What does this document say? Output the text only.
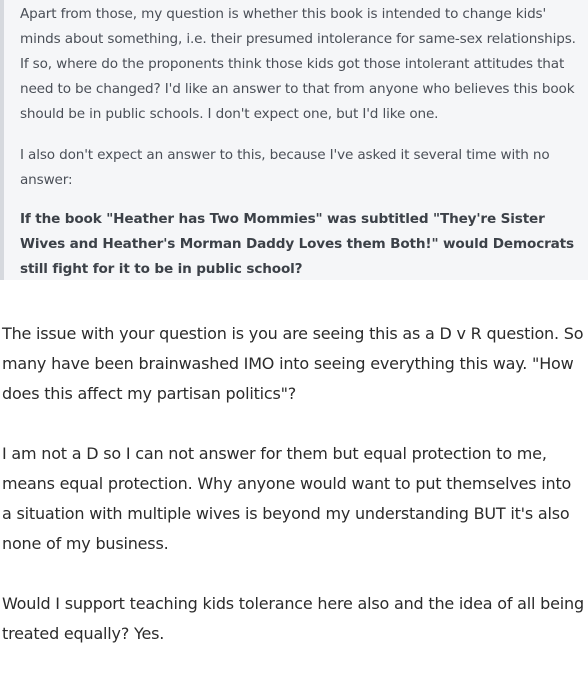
Apart from those, my question is whether this book is intended to change kids' minds about something, i.e. their presumed intolerance for same-sex relationships. If so, where do the proponents think those kids got those intolerant attitudes that need to be changed? I'd like an answer to that from anyone who believes this book should be in public schools. I don't expect one, but I'd like one.

I also don't expect an answer to this, because I've asked it several time with no answer:

If the book "Heather has Two Mommies" was subtitled "They're Sister Wives and Heather's Morman Daddy Loves them Both!" would Democrats still fight for it to be in public school?

The issue with your question is you are seeing this as a D v R question. So many have been brainwashed IMO into seeing everything this way. "How does this affect my partisan politics"?

I am not a D so I can not answer for them but equal protection to me, means equal protection. Why anyone would want to put themselves into a situation with multiple wives is beyond my understanding BUT it's also none of my business.

Would I support teaching kids tolerance here also and the idea of all being treated equally? Yes.
